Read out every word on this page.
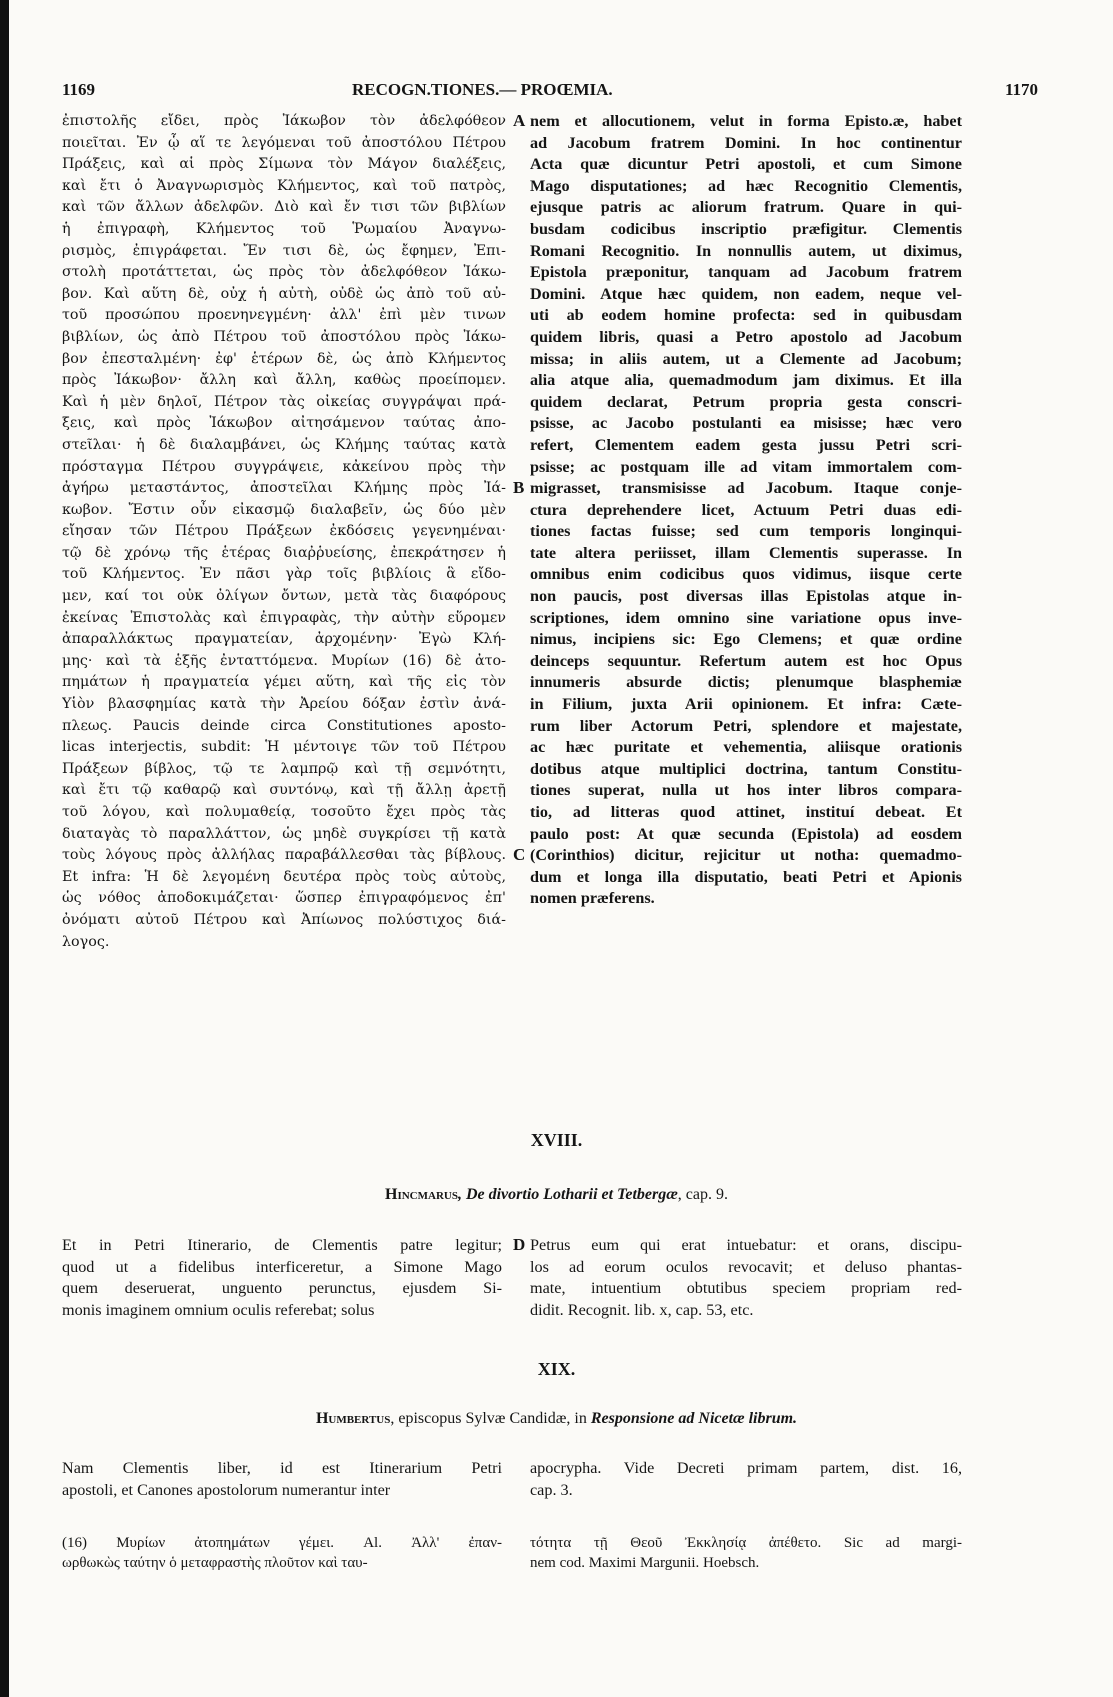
1169	RECOGN.TIONES.— PROŒMIA.	1170
ἐπιστολῆς εἴδει, πρὸς Ἰάκωβον τὸν ἀδελφόθεον
ποιεῖται. Ἐν ᾧ αἵ τε λεγόμεναι τοῦ ἀποστόλου Πέτρου
Πράξεις, καὶ αἱ πρὸς Σίμωνα τὸν Μάγον διαλέξεις,
καὶ ἔτι ὁ Ἀναγνωρισμὸς Κλήμεντος, καὶ τοῦ πατρὸς,
καὶ τῶν ἄλλων ἀδελφῶν. Διὸ καὶ ἔν τισι τῶν βιβλίων
ἡ ἐπιγραφὴ, Κλήμεντος τοῦ Ῥωμαίου Ἀναγνω-
ρισμὸς, ἐπιγράφεται. Ἔν τισι δὲ, ὡς ἔφημεν, Ἐπι-
στολὴ προτάττεται, ὡς πρὸς τὸν ἀδελφόθεον Ἰάκω-
βον. Καὶ αὕτη δὲ, οὐχ ἡ αὐτὴ, οὐδὲ ὡς ἀπὸ τοῦ αὐ-
τοῦ προσώπου προενηνεγμένη· ἀλλ' ἐπὶ μὲν τινων
βιβλίων, ὡς ἀπὸ Πέτρου τοῦ ἀποστόλου πρὸς Ἰάκω-
βον ἐπεσταλμένη· ἐφ' ἑτέρων δὲ, ὡς ἀπὸ Κλήμεντος
πρὸς Ἰάκωβον· ἄλλη καὶ ἄλλη, καθὼς προείπομεν.
Καὶ ἡ μὲν δηλοῖ, Πέτρον τὰς οἰκείας συγγράψαι πρά-
ξεις, καὶ πρὸς Ἰάκωβον αἰτησάμενον ταύτας ἀπο-
στεῖλαι· ἡ δὲ διαλαμβάνει, ὡς Κλήμης ταύτας κατὰ
πρόσταγμα Πέτρου συγγράψειε, κἀκείνου πρὸς τὴν
ἀγήρω μεταστάντος, ἀποστεῖλαι Κλήμης πρὸς Ἰά-
κωβον. Ἔστιν οὖν εἰκασμῷ διαλαβεῖν, ὡς δύο μὲν
εἴησαν τῶν Πέτρου Πράξεων ἐκδόσεις γεγενημέναι·
τῷ δὲ χρόνῳ τῆς ἑτέρας διαῤῥυείσης, ἐπεκράτησεν ἡ
τοῦ Κλήμεντος. Ἐν πᾶσι γὰρ τοῖς βιβλίοις ἃ εἴδο-
μεν, καί τοι οὐκ ὀλίγων ὄντων, μετὰ τὰς διαφόρους
ἐκείνας Ἐπιστολὰς καὶ ἐπιγραφὰς, τὴν αὐτὴν εὕρομεν
ἀπαραλλάκτως πραγματείαν, ἀρχομένην· Ἐγὼ Κλή-
μης· καὶ τὰ ἑξῆς ἐνταττόμενα. Μυρίων (16) δὲ ἀτο-
πημάτων ἡ πραγματεία γέμει αὕτη, καὶ τῆς εἰς τὸν
Υἱὸν βλασφημίας κατὰ τὴν Ἀρείου δόξαν ἐστὶν ἀνά-
πλεως. Paucis deinde circa Constitutiones aposto-
licas interjectis, subdit: Ἡ μέντοιγε τῶν τοῦ Πέτρου
Πράξεων βίβλος, τῷ τε λαμπρῷ καὶ τῇ σεμνότητι,
καὶ ἔτι τῷ καθαρῷ καὶ συντόνῳ, καὶ τῇ ἄλλῃ ἀρετῇ
τοῦ λόγου, καὶ πολυμαθείᾳ, τοσοῦτο ἔχει πρὸς τὰς
διαταγὰς τὸ παραλλάττον, ὡς μηδὲ συγκρίσει τῇ κατὰ
τοὺς λόγους πρὸς ἀλλήλας παραβάλλεσθαι τὰς βίβλους.
Et infra: Ἡ δὲ λεγομένη δευτέρα πρὸς τοὺς αὐτοὺς,
ὡς νόθος ἀποδοκιμάζεται· ὥσπερ ἐπιγραφόμενος ἐπ'
ὀνόματι αὐτοῦ Πέτρου καὶ Ἀπίωνος πολύστιχος διά-
λογος.
nem et allocutionem, velut in forma Episto.æ, habet
ad Jacobum fratrem Domini. In hoc continentur
Acta quæ dicuntur Petri apostoli, et cum Simone
Mago disputationes; ad hæc Recognitio Clementis,
ejusque patris ac aliorum fratrum. Quare in qui-
busdam codicibus inscriptio præfigitur. Clementis
Romani Recognitio. In nonnullis autem, ut diximus,
Epistola præponitur, tanquam ad Jacobum fratrem
Domini. Atque hæc quidem, non eadem, neque vel-
uti ab eodem homine profecta: sed in quibusdam
quidem libris, quasi a Petro apostolo ad Jacobum
missa; in aliis autem, ut a Clemente ad Jacobum;
alia atque alia, quemadmodum jam diximus. Et illa
quidem declarat, Petrum propria gesta conscri-
psisse, ac Jacobo postulanti ea misisse; hæc vero
refert, Clementem eadem gesta jussu Petri scri-
psisse; ac postquam ille ad vitam immortalem com-
migrasset, transmisisse ad Jacobum. Itaque conje-
ctura deprehendere licet, Actuum Petri duas edi-
tiones factas fuisse; sed cum temporis longinqui-
tate altera periisset, illam Clementis superasse. In
omnibus enim codicibus quos vidimus, iisque certe
non paucis, post diversas illas Epistolas atque in-
scriptiones, idem omnino sine variatione opus inve-
nimus, incipiens sic: Ego Clemens; et quæ ordine
deinceps sequuntur. Refertum autem est hoc Opus
innumeris absurde dictis; plenumque blasphemiæ
in Filium, juxta Arii opinionem. Et infra: Cæte-
rum liber Actorum Petri, splendore et majestate,
ac hæc puritate et vehementia, aliisque orationis
dotibus atque multiplici doctrina, tantum Constitu-
tiones superat, nulla ut hos inter libros compara-
tio, ad litteras quod attinet, instituí debeat. Et
paulo post: At quæ secunda (Epistola) ad eosdem
(Corinthios) dicitur, rejicitur ut notha: quemadmo-
dum et longa illa disputatio, beati Petri et Apionis
nomen præferens.
A
B
C
D
XVIII.
Hincmarus, De divortio Lotharii et Tetbergæ, cap. 9.
Et in Petri Itinerario, de Clementis patre legitur;
quod ut a fidelibus interficeretur, a Simone Mago
quem deseruerat, unguento perunctus, ejusdem Si-
monis imaginem omnium oculis referebat; solus
Petrus eum qui erat intuebatur: et orans, discipu-
los ad eorum oculos revocavit; et deluso phantas-
mate, intuentium obtutibus speciem propriam red-
didit. Recognit. lib. x, cap. 53, etc.
XIX.
Humbertus, episcopus Sylvæ Candidæ, in Responsione ad Nicetæ librum.
Nam Clementis liber, id est Itinerarium Petri
apostoli, et Canones apostolorum numerantur inter
apocrypha. Vide Decreti primam partem, dist. 16,
cap. 3.
(16) Μυρίων ἀτοπημάτων γέμει. Al. Ἀλλ' ἐπαν-
ωρθωκὼς ταύτην ὁ μεταφραστὴς πλοῦτον καὶ ταυ-
τότητα τῇ Θεοῦ Ἐκκλησίᾳ ἀπέθετο. Sic ad margi-
nem cod. Maximi Margunii. Hoebsch.
